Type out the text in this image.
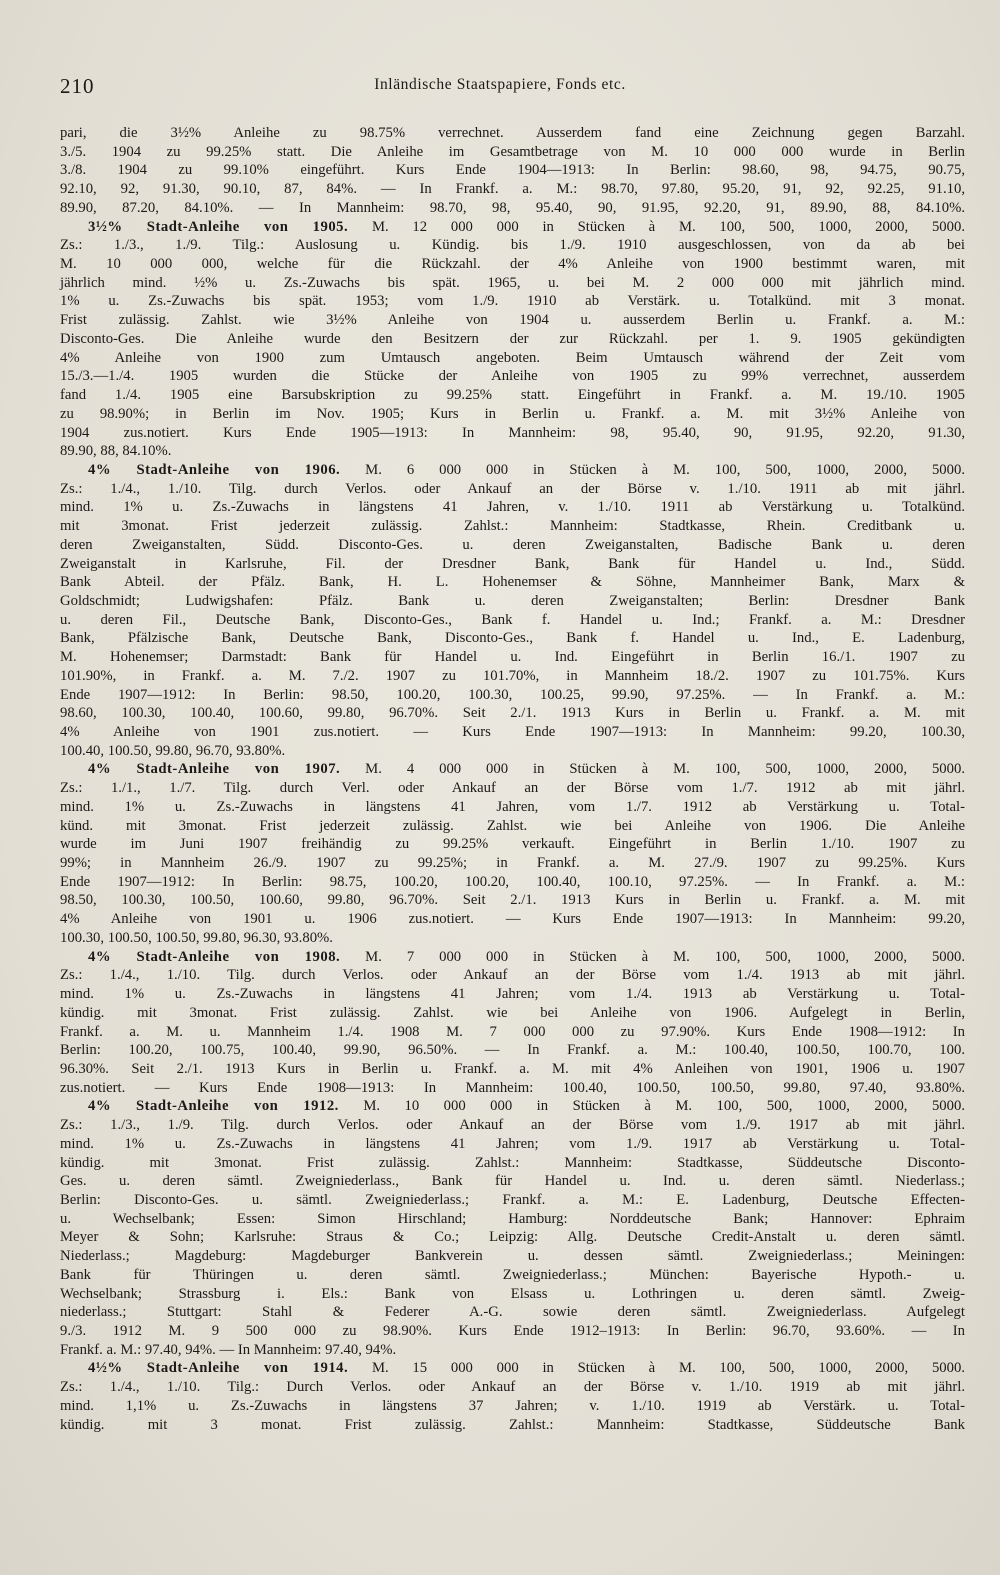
210	Inländische Staatspapiere, Fonds etc.

pari, die 3½% Anleihe zu 98.75% verrechnet. Ausserdem fand eine Zeichnung gegen Barzahl.

3./5. 1904 zu 99.25% statt. Die Anleihe im Gesamtbetrage von M. 10 000 000 wurde in Berlin

3./8. 1904 zu 99.10% eingeführt. Kurs Ende 1904—1913: In Berlin: 98.60, 98, 94.75, 90.75,

92.10, 92, 91.30, 90.10, 87, 84%. — In Frankf. a. M.: 98.70, 97.80, 95.20, 91, 92, 92.25, 91.10,

89.90, 87.20, 84.10%. — In Mannheim: 98.70, 98, 95.40, 90, 91.95, 92.20, 91, 89.90, 88, 84.10%.

3½% Stadt-Anleihe von 1905. M. 12 000 000 in Stücken à M. 100, 500, 1000, 2000, 5000.

Zs.: 1./3., 1./9. Tilg.: Auslosung u. Kündig. bis 1./9. 1910 ausgeschlossen, von da ab bei

M. 10 000 000, welche für die Rückzahl. der 4% Anleihe von 1900 bestimmt waren, mit

jährlich mind. ½% u. Zs.-Zuwachs bis spät. 1965, u. bei M. 2 000 000 mit jährlich mind.

1% u. Zs.-Zuwachs bis spät. 1953; vom 1./9. 1910 ab Verstärk. u. Totalkünd. mit 3 monat.

Frist zulässig. Zahlst. wie 3½% Anleihe von 1904 u. ausserdem Berlin u. Frankf. a. M.:

Disconto-Ges. Die Anleihe wurde den Besitzern der zur Rückzahl. per 1. 9. 1905 gekündigten

4% Anleihe von 1900 zum Umtausch angeboten. Beim Umtausch während der Zeit vom

15./3.—1./4. 1905 wurden die Stücke der Anleihe von 1905 zu 99% verrechnet, ausserdem

fand 1./4. 1905 eine Barsubskription zu 99.25% statt. Eingeführt in Frankf. a. M. 19./10. 1905

zu 98.90%; in Berlin im Nov. 1905; Kurs in Berlin u. Frankf. a. M. mit 3½% Anleihe von

1904 zus.notiert. Kurs Ende 1905—1913: In Mannheim: 98, 95.40, 90, 91.95, 92.20, 91.30,

89.90, 88, 84.10%.

4% Stadt-Anleihe von 1906. M. 6 000 000 in Stücken à M. 100, 500, 1000, 2000, 5000.

Zs.: 1./4., 1./10. Tilg. durch Verlos. oder Ankauf an der Börse v. 1./10. 1911 ab mit jährl.

mind. 1% u. Zs.-Zuwachs in längstens 41 Jahren, v. 1./10. 1911 ab Verstärkung u. Totalkünd.

mit 3monat. Frist jederzeit zulässig. Zahlst.: Mannheim: Stadtkasse, Rhein. Creditbank u.

deren Zweiganstalten, Südd. Disconto-Ges. u. deren Zweiganstalten, Badische Bank u. deren

Zweiganstalt in Karlsruhe, Fil. der Dresdner Bank, Bank für Handel u. Ind., Südd.

Bank Abteil. der Pfälz. Bank, H. L. Hohenemser & Söhne, Mannheimer Bank, Marx &

Goldschmidt; Ludwigshafen: Pfälz. Bank u. deren Zweiganstalten; Berlin: Dresdner Bank

u. deren Fil., Deutsche Bank, Disconto-Ges., Bank f. Handel u. Ind.; Frankf. a. M.: Dresdner

Bank, Pfälzische Bank, Deutsche Bank, Disconto-Ges., Bank f. Handel u. Ind., E. Ladenburg,

M. Hohenemser; Darmstadt: Bank für Handel u. Ind. Eingeführt in Berlin 16./1. 1907 zu

101.90%, in Frankf. a. M. 7./2. 1907 zu 101.70%, in Mannheim 18./2. 1907 zu 101.75%. Kurs

Ende 1907—1912: In Berlin: 98.50, 100.20, 100.30, 100.25, 99.90, 97.25%. — In Frankf. a. M.:

98.60, 100.30, 100.40, 100.60, 99.80, 96.70%. Seit 2./1. 1913 Kurs in Berlin u. Frankf. a. M. mit

4% Anleihe von 1901 zus.notiert. — Kurs Ende 1907—1913: In Mannheim: 99.20, 100.30,

100.40, 100.50, 99.80, 96.70, 93.80%.

4% Stadt-Anleihe von 1907. M. 4 000 000 in Stücken à M. 100, 500, 1000, 2000, 5000.

Zs.: 1./1., 1./7. Tilg. durch Verl. oder Ankauf an der Börse vom 1./7. 1912 ab mit jährl.

mind. 1% u. Zs.-Zuwachs in längstens 41 Jahren, vom 1./7. 1912 ab Verstärkung u. Total-

künd. mit 3monat. Frist jederzeit zulässig. Zahlst. wie bei Anleihe von 1906. Die Anleihe

wurde im Juni 1907 freihändig zu 99.25% verkauft. Eingeführt in Berlin 1./10. 1907 zu

99%; in Mannheim 26./9. 1907 zu 99.25%; in Frankf. a. M. 27./9. 1907 zu 99.25%. Kurs

Ende 1907—1912: In Berlin: 98.75, 100.20, 100.20, 100.40, 100.10, 97.25%. — In Frankf. a. M.:

98.50, 100.30, 100.50, 100.60, 99.80, 96.70%. Seit 2./1. 1913 Kurs in Berlin u. Frankf. a. M. mit

4% Anleihe von 1901 u. 1906 zus.notiert. — Kurs Ende 1907—1913: In Mannheim: 99.20,

100.30, 100.50, 100.50, 99.80, 96.30, 93.80%.

4% Stadt-Anleihe von 1908. M. 7 000 000 in Stücken à M. 100, 500, 1000, 2000, 5000.

Zs.: 1./4., 1./10. Tilg. durch Verlos. oder Ankauf an der Börse vom 1./4. 1913 ab mit jährl.

mind. 1% u. Zs.-Zuwachs in längstens 41 Jahren; vom 1./4. 1913 ab Verstärkung u. Total-

kündig. mit 3monat. Frist zulässig. Zahlst. wie bei Anleihe von 1906. Aufgelegt in Berlin,

Frankf. a. M. u. Mannheim 1./4. 1908 M. 7 000 000 zu 97.90%. Kurs Ende 1908—1912: In

Berlin: 100.20, 100.75, 100.40, 99.90, 96.50%. — In Frankf. a. M.: 100.40, 100.50, 100.70, 100.

96.30%. Seit 2./1. 1913 Kurs in Berlin u. Frankf. a. M. mit 4% Anleihen von 1901, 1906 u. 1907

zus.notiert. — Kurs Ende 1908—1913: In Mannheim: 100.40, 100.50, 100.50, 99.80, 97.40, 93.80%.

4% Stadt-Anleihe von 1912. M. 10 000 000 in Stücken à M. 100, 500, 1000, 2000, 5000.

Zs.: 1./3., 1./9. Tilg. durch Verlos. oder Ankauf an der Börse vom 1./9. 1917 ab mit jährl.

mind. 1% u. Zs.-Zuwachs in längstens 41 Jahren; vom 1./9. 1917 ab Verstärkung u. Total-

kündig. mit 3monat. Frist zulässig. Zahlst.: Mannheim: Stadtkasse, Süddeutsche Disconto-

Ges. u. deren sämtl. Zweigniederlass., Bank für Handel u. Ind. u. deren sämtl. Niederlass.;

Berlin: Disconto-Ges. u. sämtl. Zweigniederlass.; Frankf. a. M.: E. Ladenburg, Deutsche Effecten-

u. Wechselbank; Essen: Simon Hirschland; Hamburg: Norddeutsche Bank; Hannover: Ephraim

Meyer & Sohn; Karlsruhe: Straus & Co.; Leipzig: Allg. Deutsche Credit-Anstalt u. deren sämtl.

Niederlass.; Magdeburg: Magdeburger Bankverein u. dessen sämtl. Zweigniederlass.; Meiningen:

Bank für Thüringen u. deren sämtl. Zweigniederlass.; München: Bayerische Hypoth.- u.

Wechselbank; Strassburg i. Els.: Bank von Elsass u. Lothringen u. deren sämtl. Zweig-

niederlass.; Stuttgart: Stahl & Federer A.-G. sowie deren sämtl. Zweigniederlass. Aufgelegt

9./3. 1912 M. 9 500 000 zu 98.90%. Kurs Ende 1912–1913: In Berlin: 96.70, 93.60%. — In

Frankf. a. M.: 97.40, 94%. — In Mannheim: 97.40, 94%.

4½% Stadt-Anleihe von 1914. M. 15 000 000 in Stücken à M. 100, 500, 1000, 2000, 5000.

Zs.: 1./4., 1./10. Tilg.: Durch Verlos. oder Ankauf an der Börse v. 1./10. 1919 ab mit jährl.

mind. 1,1% u. Zs.-Zuwachs in längstens 37 Jahren; v. 1./10. 1919 ab Verstärk. u. Total-

kündig. mit 3 monat. Frist zulässig. Zahlst.: Mannheim: Stadtkasse, Süddeutsche Bank
